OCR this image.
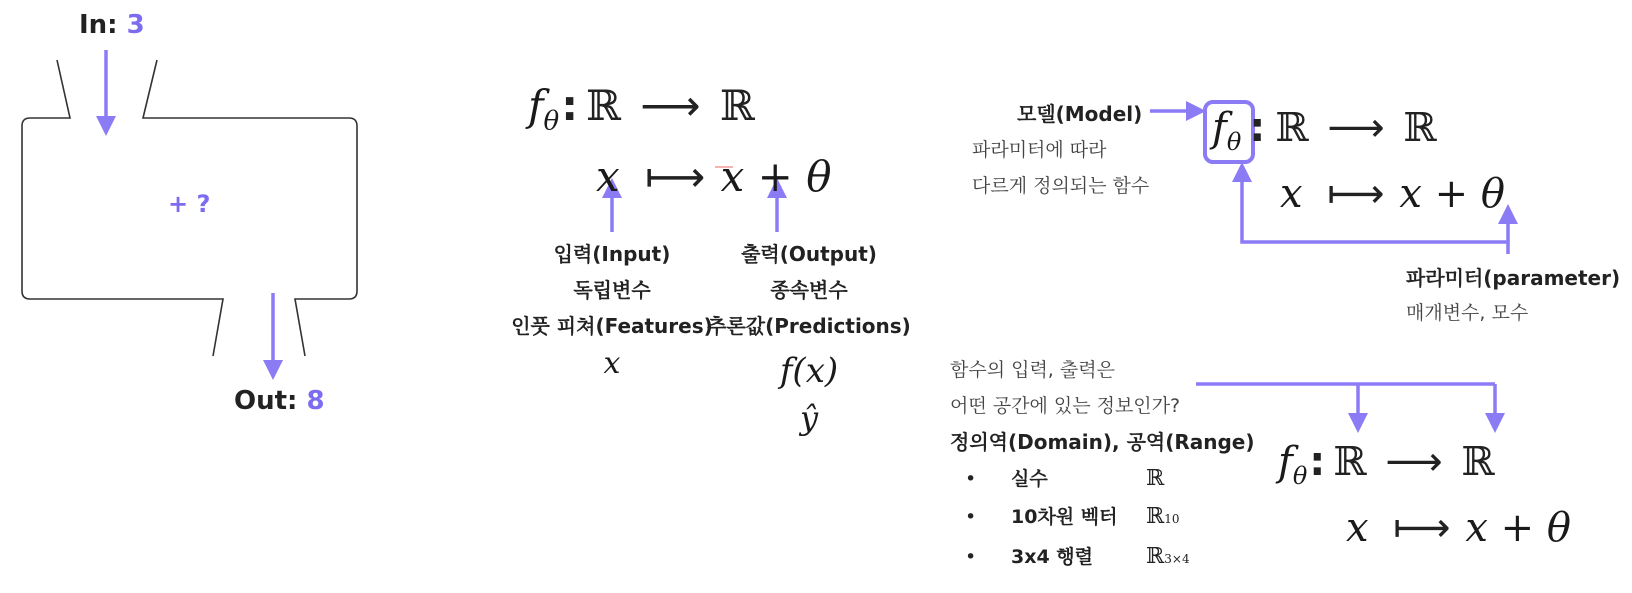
In: 3
+ ?
Out: 8
$f_\theta$: ℝ ⟶ ℝ
x ⟼ x + θ
입력(Input)
독립변수
인풋 피쳐(Features)
x
출력(Output)
종속변수
추론값(Predictions)
f(x)
ŷ
모델(Model)
파라미터에 따라
다르게 정의되는 함수
$f_\theta$ : ℝ ⟶ ℝ
x ⟼ x + θ
파라미터(parameter)
매개변수, 모수
함수의 입력, 출력은
어떤 공간에 있는 정보인가?
정의역(Domain), 공역(Range)
•	실수	ℝ
•	10차원 벡터	ℝ 10
•	3x4 행렬	ℝ 3×4
$f_\theta$: ℝ ⟶ ℝ
x ⟼ x + θ
